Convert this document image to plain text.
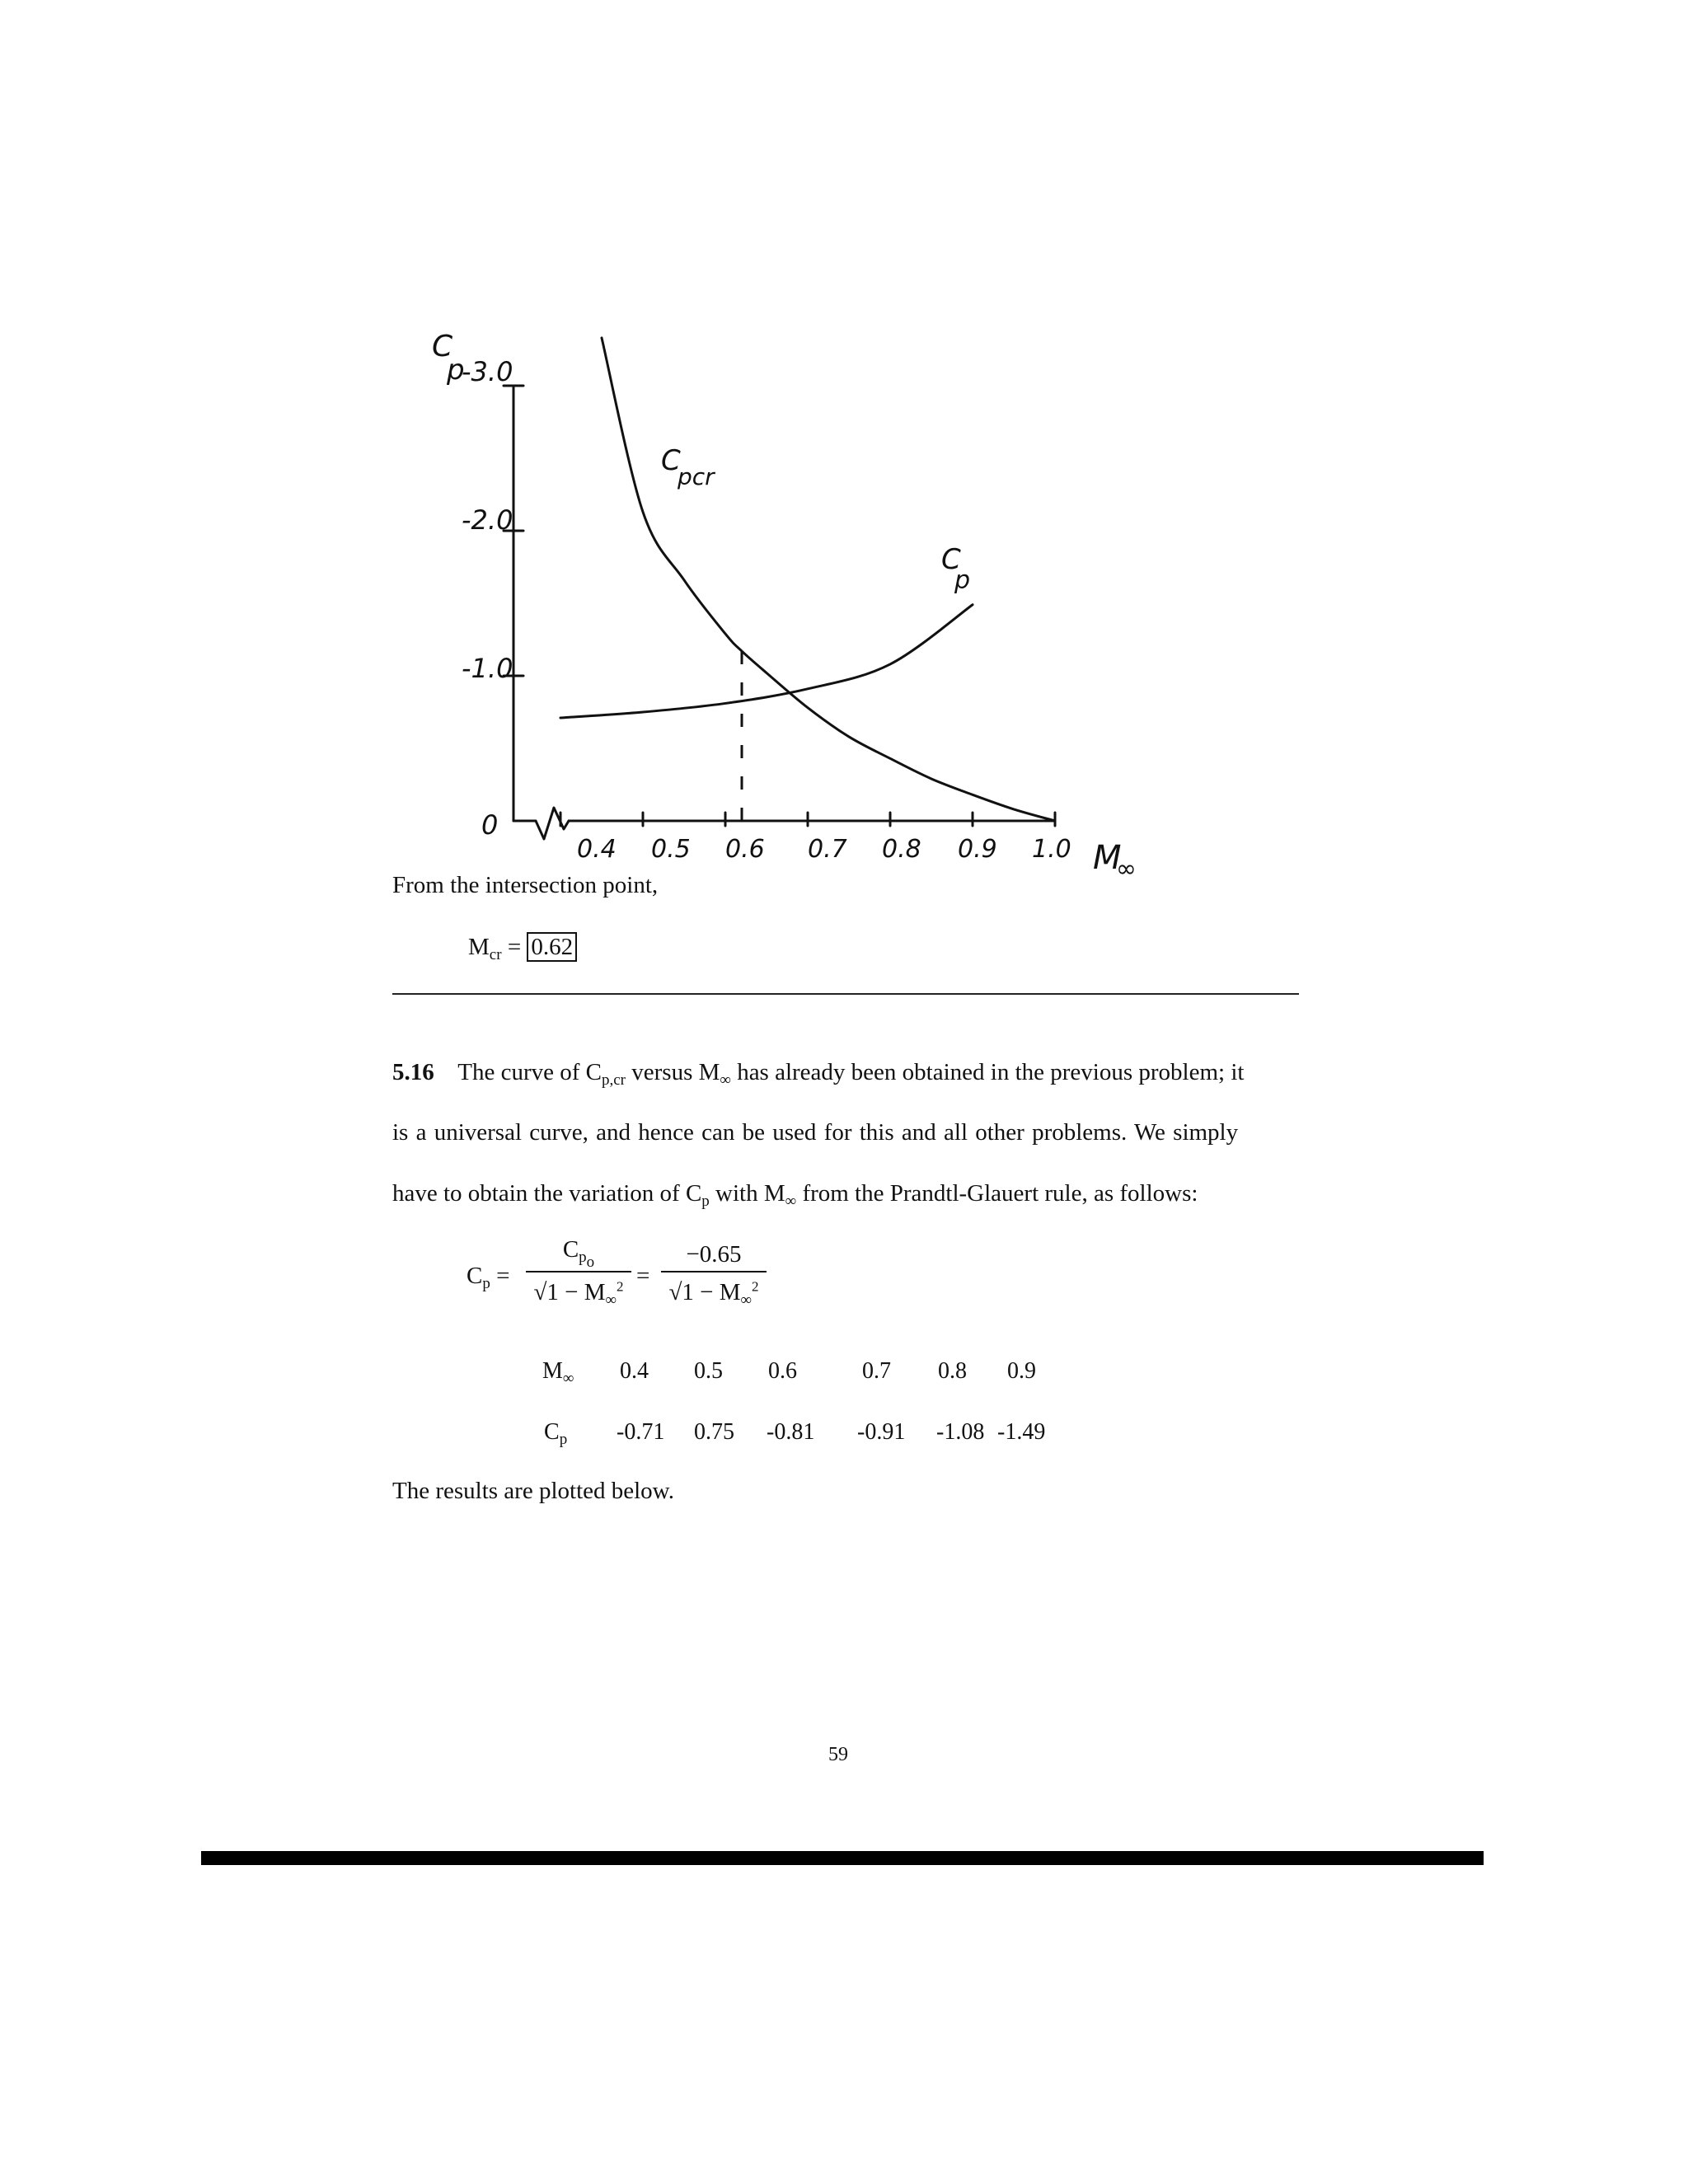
C
p
-3.0
-2.0
-1.0
0
0.4 0.5 0.6 0.7 0.8 0.9 1.0 M
∞
C
pcr
C
p
From the intersection point,
$M_{cr} = 0.62$
5.16 The curve of $C_{p,cr}$ versus $M_\infty$ has already been obtained in the previous problem; it
is a universal curve, and hence can be used for this and all other problems. We simply
have to obtain the variation of $C_p$ with $M_\infty$ from the Prandtl-Glauert rule, as follows:
$C_p$ =
$C_{p_o}$
$√1 - M_\infty^2$ =
−0.65
$√1 - M_\infty^2$
$M_\infty$ 0.4 0.5 0.6	0.7 0.8 0.9
$C_p$ -0.71 0.75 -0.81 -0.91 -1.08 -1.49
The results are plotted below.
59
